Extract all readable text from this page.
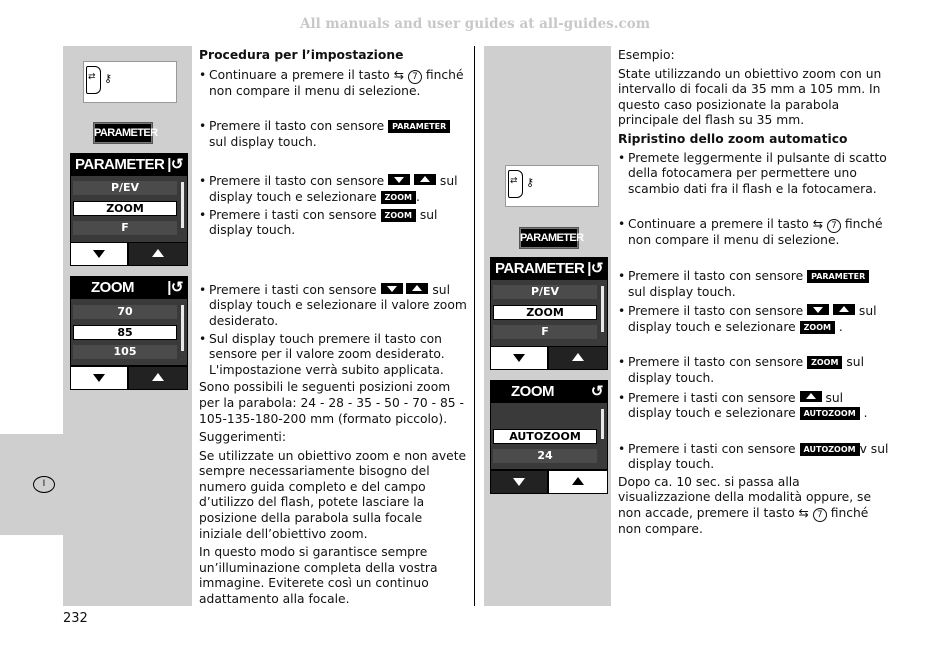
All manuals and user guides at all-guides.com
I
⇄
⚷
PARAMETER
PARAMETER |↺
P/EV
ZOOM
F
ZOOM |↺
70
85
105
⇄
⚷
PARAMETER
PARAMETER |↺
P/EV
ZOOM
F
ZOOM ↺
AUTOZOOM
24

Procedura per l’impostazione

• Continuare a premere il tasto ⇆ 7 finché non compare il menu di selezione.

• Premere il tasto con sensore PARAMETER sul display touch.

• Premere il tasto con sensore
	sul display touch e selezionare ZOOM .

• Premere i tasti con sensore ZOOM sul display touch.

• Premere i tasti con sensore
	sul display touch e selezionare il valore zoom desiderato.

• Sul display touch premere il tasto con sensore per il valore zoom desiderato. L'impostazione verrà subito applicata.

Sono possibili le seguenti posizioni zoom per la parabola: 24 - 28 - 35 - 50 - 70 - 85 - 105-135-180-200 mm (formato piccolo).

Suggerimenti:

Se utilizzate un obiettivo zoom e non avete sempre necessariamente bisogno del numero guida completo e del campo d’utilizzo del flash, potete lasciare la posizione della parabola sulla focale iniziale dell’obiettivo zoom.

In questo modo si garantisce sempre un’illuminazione completa della vostra immagine. Eviterete così un continuo adattamento alla focale.

Esempio:

State utilizzando un obiettivo zoom con un intervallo di focali da 35 mm a 105 mm. In questo caso posizionate la parabola principale del flash su 35 mm.

Ripristino dello zoom automatico

• Premete leggermente il pulsante di scatto della fotocamera per permettere uno scambio dati fra il flash e la fotocamera.

• Continuare a premere il tasto ⇆ 7 finché non compare il menu di selezione.

• Premere il tasto con sensore PARAMETER sul display touch.

• Premere il tasto con sensore
	sul display touch e selezionare ZOOM .

• Premere il tasto con sensore ZOOM sul display touch.

• Premere i tasti con sensore sul display touch e selezionare AUTOZOOM .

• Premere i tasti con sensore AUTOZOOM v sul display touch.

Dopo ca. 10 sec. si passa alla visualizzazione della modalità oppure, se non accade, premere il tasto ⇆ 7 finché non compare.

232
